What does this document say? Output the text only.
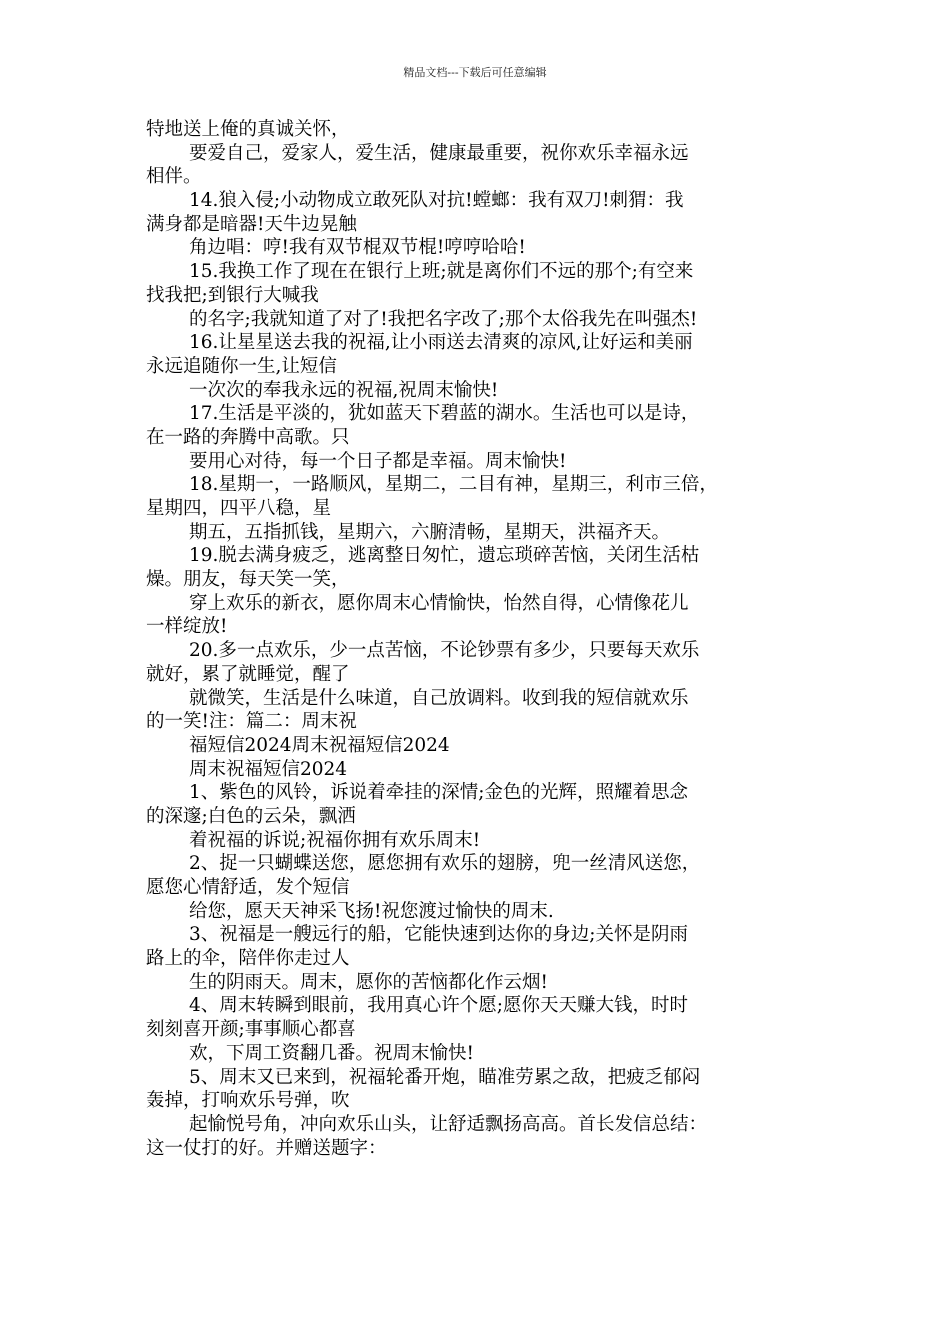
精品文档---下载后可任意编辑
特地送上俺的真诚关怀，
要爱自己，爱家人，爱生活，健康最重要，祝你欢乐幸福永远
相伴。
14.狼入侵;小动物成立敢死队对抗!螳螂：我有双刀!刺猬：我
满身都是暗器!天牛边晃触
角边唱：哼!我有双节棍双节棍!哼哼哈哈!
15.我换工作了现在在银行上班;就是离你们不远的那个;有空来
找我把;到银行大喊我
的名字;我就知道了对了!我把名字改了;那个太俗我先在叫强杰!
16.让星星送去我的祝福,让小雨送去清爽的凉风,让好运和美丽
永远追随你一生,让短信
一次次的奉我永远的祝福,祝周末愉快!
17.生活是平淡的，犹如蓝天下碧蓝的湖水。生活也可以是诗，
在一路的奔腾中高歌。只
要用心对待，每一个日子都是幸福。周末愉快!
18.星期一，一路顺风，星期二，二目有神，星期三，利市三倍，
星期四，四平八稳，星
期五，五指抓钱，星期六，六腑清畅，星期天，洪福齐天。
19.脱去满身疲乏，逃离整日匆忙，遗忘琐碎苦恼，关闭生活枯
燥。朋友，每天笑一笑，
穿上欢乐的新衣，愿你周末心情愉快，怡然自得，心情像花儿
一样绽放!
20.多一点欢乐，少一点苦恼，不论钞票有多少，只要每天欢乐
就好，累了就睡觉，醒了
就微笑，生活是什么味道，自己放调料。收到我的短信就欢乐
的一笑!注：篇二：周末祝
福短信2024周末祝福短信2024
周末祝福短信2024
1、紫色的风铃，诉说着牵挂的深情;金色的光辉，照耀着思念
的深邃;白色的云朵，飘洒
着祝福的诉说;祝福你拥有欢乐周末!
2、捉一只蝴蝶送您，愿您拥有欢乐的翅膀，兜一丝清风送您，
愿您心情舒适，发个短信
给您，愿天天神采飞扬!祝您渡过愉快的周末.
3、祝福是一艘远行的船，它能快速到达你的身边;关怀是阴雨
路上的伞，陪伴你走过人
生的阴雨天。周末，愿你的苦恼都化作云烟!
4、周末转瞬到眼前，我用真心许个愿;愿你天天赚大钱，时时
刻刻喜开颜;事事顺心都喜
欢，下周工资翻几番。祝周末愉快!
5、周末又已来到，祝福轮番开炮，瞄准劳累之敌，把疲乏郁闷
轰掉，打响欢乐号弹，吹
起愉悦号角，冲向欢乐山头，让舒适飘扬高高。首长发信总结：
这一仗打的好。并赠送题字：
